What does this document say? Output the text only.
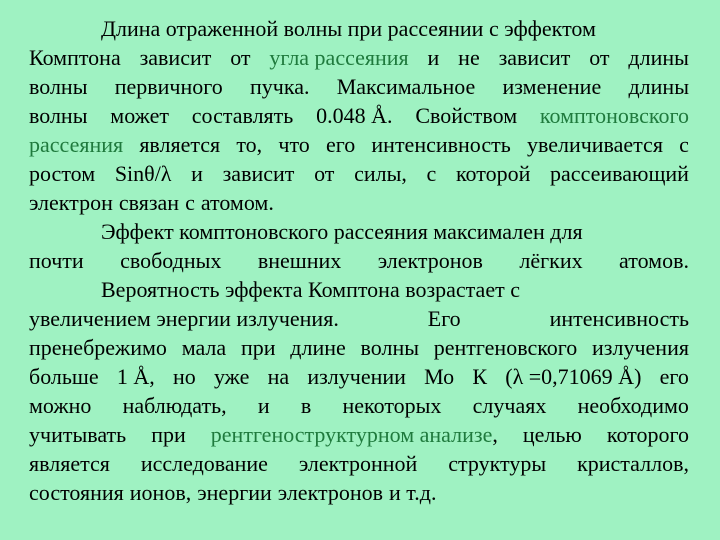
Длина отраженной волны при рассеянии с эффектом
Комптона зависит от угла рассеяния и не зависит от длины
волны первичного пучка. Максимальное изменение длины
волны может составлять 0.048 Å. Свойством комптоновского
рассеяния является то, что его интенсивность увеличивается с
ростом Sinθ/λ и зависит от силы, с которой рассеивающий
электрон связан с атомом.
Эффект комптоновского рассеяния максимален для
почти свободных внешних электронов лёгких атомов.
Вероятность эффекта Комптона возрастает с
увеличением энергии излучения.	Его	интенсивность
пренебрежимо мала при длине волны рентгеновского излучения
больше 1 Å, но уже на излучении Мо К (λ =0,71069 Å) его
можно наблюдать, и в некоторых случаях необходимо
учитывать при рентгеноструктурном анализе, целью которого
является исследование электронной структуры кристаллов,
состояния ионов, энергии электронов и т.д.
